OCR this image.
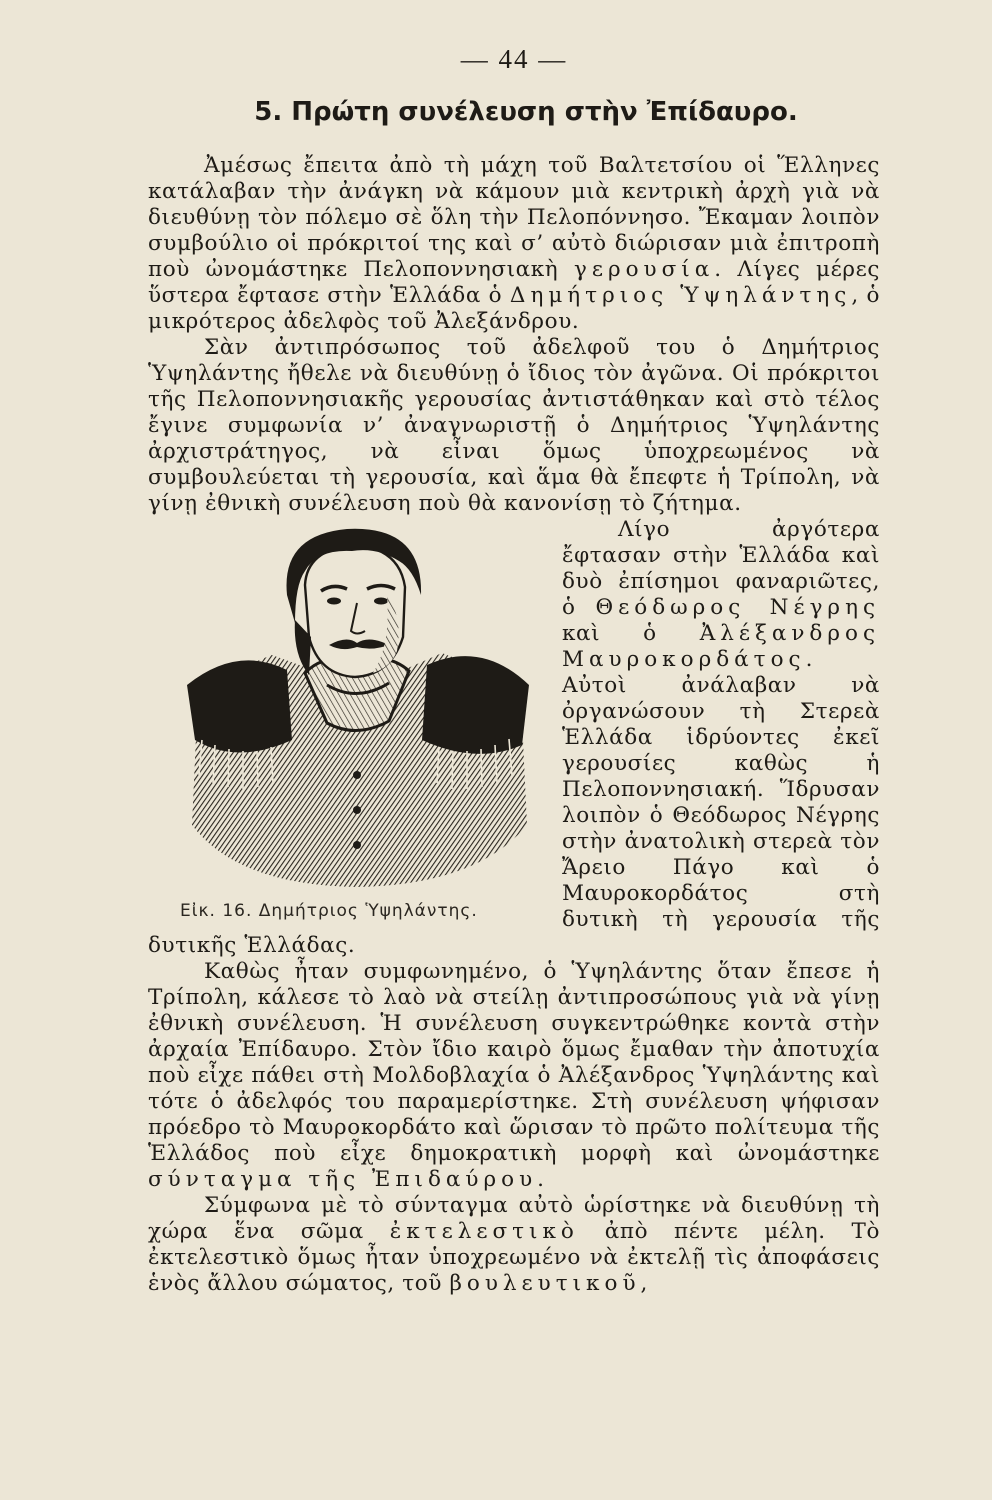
— 44 —
5. Πρώτη συνέλευση στὴν Ἐπίδαυρο.

Ἀμέσως ἔπειτα ἀπὸ τὴ μάχη τοῦ Βαλτετσίου οἱ Ἕλληνες κατάλαβαν τὴν ἀνάγκη νὰ κάμουν μιὰ κεντρικὴ ἀρχὴ γιὰ νὰ διευθύνῃ τὸν πόλεμο σὲ ὅλη τὴν Πελοπόννησο. Ἔκαμαν λοιπὸν συμβούλιο οἱ πρόκριτοί της καὶ σ’ αὐτὸ διώρισαν μιὰ ἐπιτροπὴ ποὺ ὠνομάστηκε Πελοποννησιακὴ γερουσία. Λίγες μέρες ὕστερα ἔφτασε στὴν Ἑλλάδα ὁ Δημήτριος Ὑψηλάντης, ὁ μικρότερος ἀδελφὸς τοῦ Ἀλεξάνδρου.

Σὰν ἀντιπρόσωπος τοῦ ἀδελφοῦ του ὁ Δημήτριος Ὑψηλάντης ἤθελε νὰ διευθύνῃ ὁ ἴδιος τὸν ἀγῶνα. Οἱ πρόκριτοι τῆς Πελοποννησιακῆς γερουσίας ἀντιστάθηκαν καὶ στὸ τέλος ἔγινε συμφωνία ν’ ἀναγνωριστῇ ὁ Δημήτριος Ὑψηλάντης ἀρχιστράτηγος, νὰ εἶναι ὅμως ὑποχρεωμένος νὰ συμβουλεύεται τὴ γερουσία, καὶ ἅμα θὰ ἔπεφτε ἡ Τρίπολη, νὰ γίνῃ ἐθνικὴ συνέλευση ποὺ θὰ κανονίσῃ τὸ ζήτημα.

Εἰκ. 16. Δημήτριος Ὑψηλάντης.

Λίγο ἀργότερα ἔφτασαν στὴν Ἑλλάδα καὶ δυὸ ἐπίσημοι φαναριῶτες, ὁ Θεόδωρος Νέγρης καὶ ὁ Ἀλέξανδρος Μαυροκορδάτος. Αὐτοὶ ἀνάλαβαν νὰ ὀργανώσουν τὴ Στερεὰ Ἑλλάδα ἱδρύοντες ἐκεῖ γερουσίες καθὼς ἡ Πελοποννησιακή. Ἵδρυσαν λοιπὸν ὁ Θεόδωρος Νέγρης στὴν ἀνατολικὴ στερεὰ τὸν Ἄρειο Πάγο καὶ ὁ Μαυροκορδάτος στὴ δυτικὴ τὴ γερουσία τῆς δυτικῆς Ἑλλάδας.

Καθὼς ἦταν συμφωνημένο, ὁ Ὑψηλάντης ὅταν ἔπεσε ἡ Τρίπολη, κάλεσε τὸ λαὸ νὰ στείλῃ ἀντιπροσώπους γιὰ νὰ γίνῃ ἐθνικὴ συνέλευση. Ἡ συνέλευση συγκεντρώθηκε κοντὰ στὴν ἀρχαία Ἐπίδαυρο. Στὸν ἴδιο καιρὸ ὅμως ἔμαθαν τὴν ἀποτυχία ποὺ εἶχε πάθει στὴ Μολδοβλαχία ὁ Ἀλέξανδρος Ὑψηλάντης καὶ τότε ὁ ἀδελφός του παραμερίστηκε. Στὴ συνέλευση ψήφισαν πρόεδρο τὸ Μαυροκορδάτο καὶ ὥρισαν τὸ πρῶτο πολίτευμα τῆς Ἑλλάδος ποὺ εἶχε δημοκρατικὴ μορφὴ καὶ ὠνομάστηκε σύνταγμα τῆς Ἐπιδαύρου.

Σύμφωνα μὲ τὸ σύνταγμα αὐτὸ ὡρίστηκε νὰ διευθύνῃ τὴ χώρα ἕνα σῶμα ἐκτελεστικὸ ἀπὸ πέντε μέλη. Τὸ ἐκτελεστικὸ ὅμως ἦταν ὑποχρεωμένο νὰ ἐκτελῇ τὶς ἀποφάσεις ἑνὸς ἄλλου σώματος, τοῦ βουλευτικοῦ,
